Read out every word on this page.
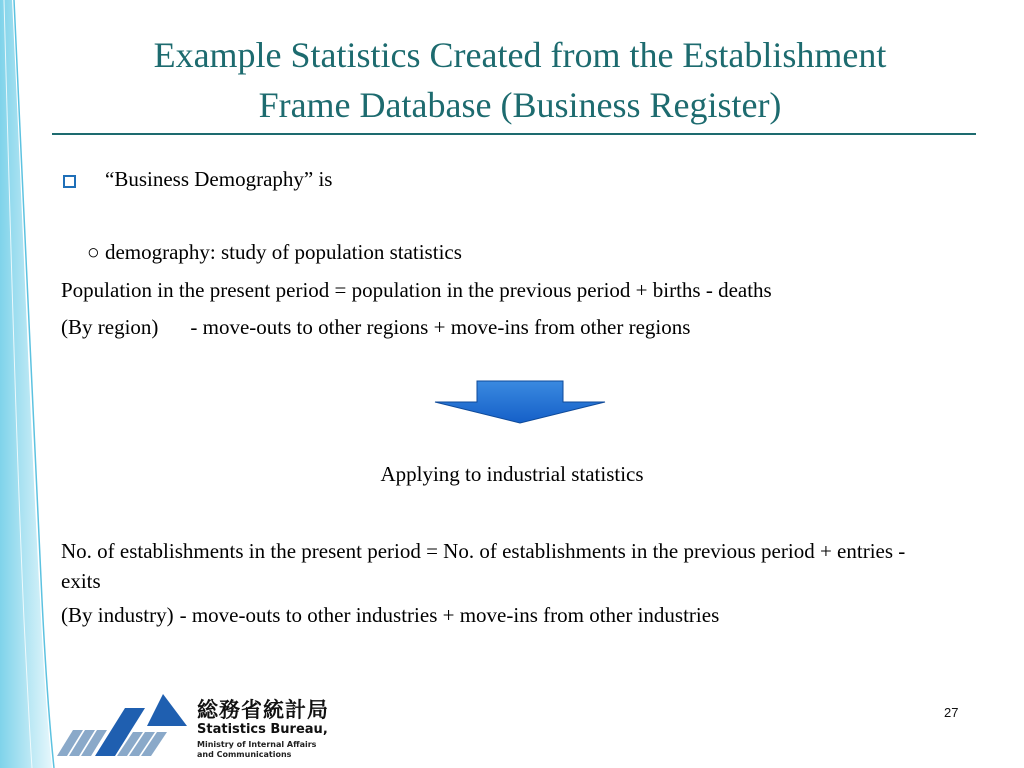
Example Statistics Created from the Establishment
Frame Database (Business Register)
“Business Demography” is
○ demography: study of population statistics
Population in the present period = population in the previous period + births - deaths
(By region) - move-outs to other regions + move-ins from other regions
Applying to industrial statistics
No. of establishments in the present period = No. of establishments in the previous period + entries - exits
(By industry) - move-outs to other industries + move-ins from other industries
総務省統計局
Statistics Bureau,
Ministry of Internal Affairs
and Communications
27
